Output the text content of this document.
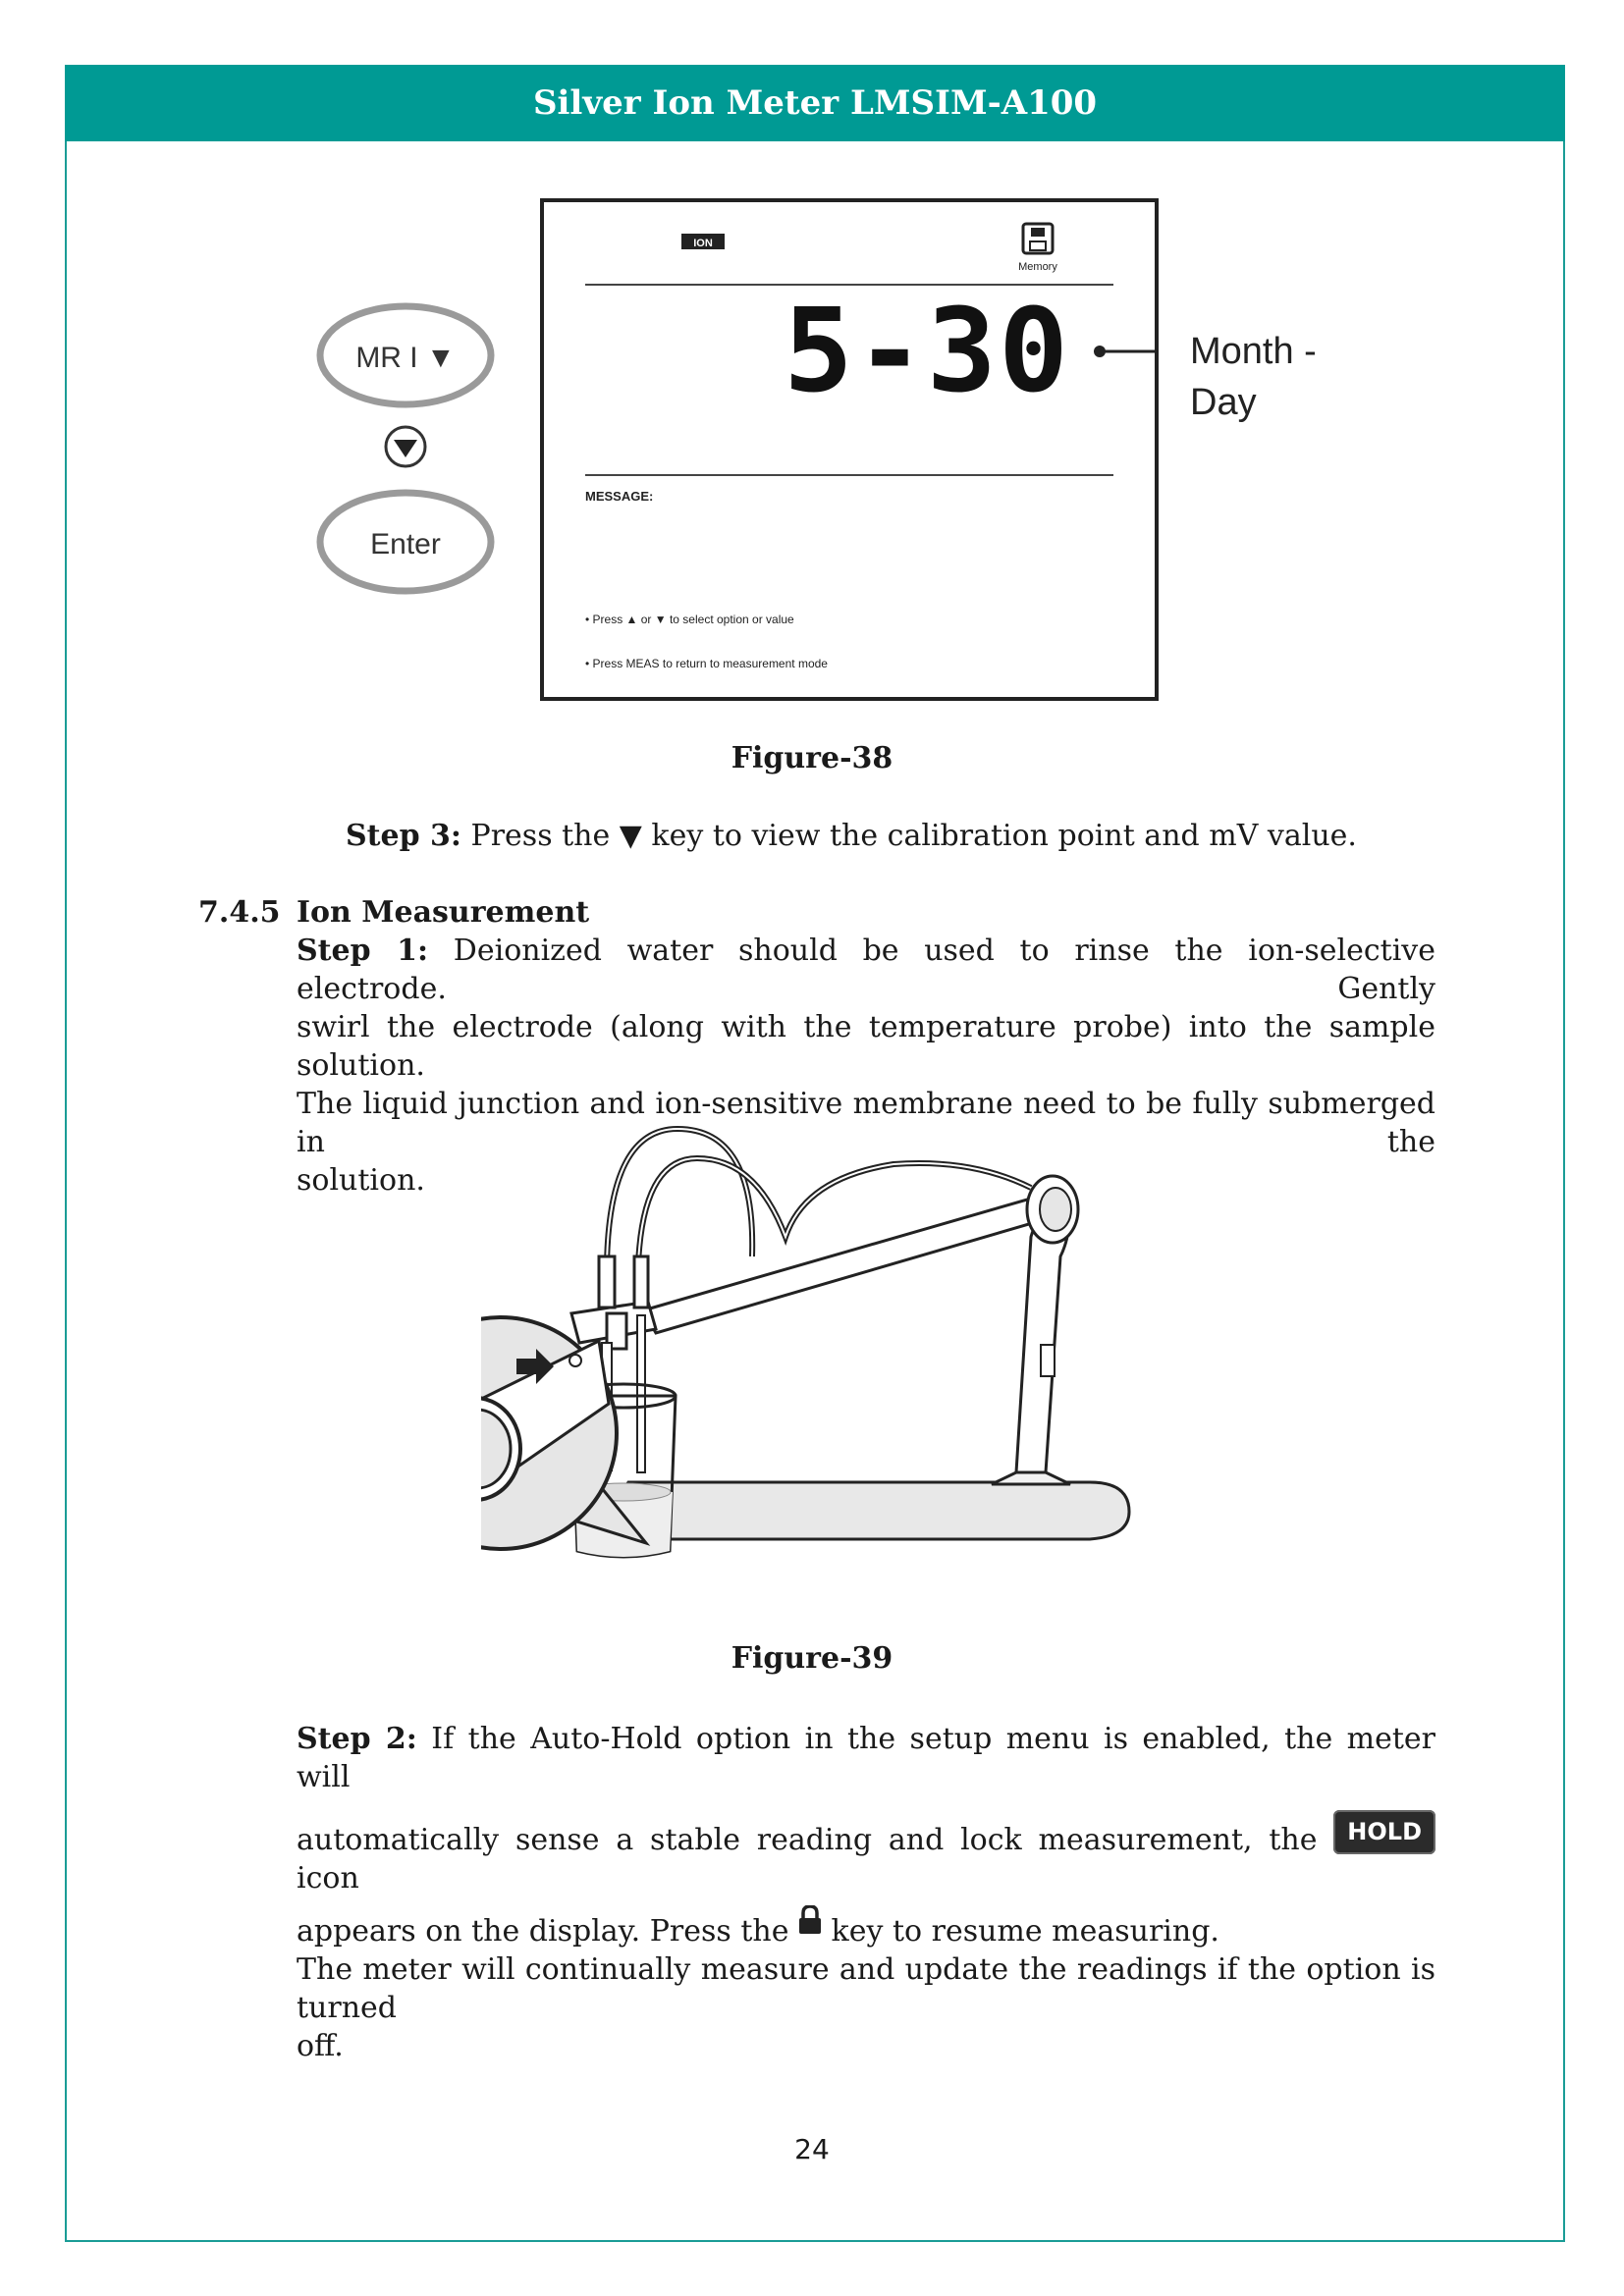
Silver Ion Meter LMSIM-A100
MR I ▼
Enter
ION
Memory
5-30	Month -
Day
MESSAGE:
• Press ▲ or ▼ to select option or value
• Press MEAS to return to measurement mode
Figure-38
Step 3: Press the ▼ key to view the calibration point and mV value.
7.4.5 Ion Measurement
Step 1: Deionized water should be used to rinse the ion-selective electrode. Gently
swirl the electrode (along with the temperature probe) into the sample solution.
The liquid junction and ion-sensitive membrane need to be fully submerged in the
solution.
Figure-39
Step 2: If the Auto-Hold option in the setup menu is enabled, the meter will
automatically sense a stable reading and lock measurement, the HOLD icon
appears on the display. Press the key to resume measuring.
The meter will continually measure and update the readings if the option is turned
off.
24
